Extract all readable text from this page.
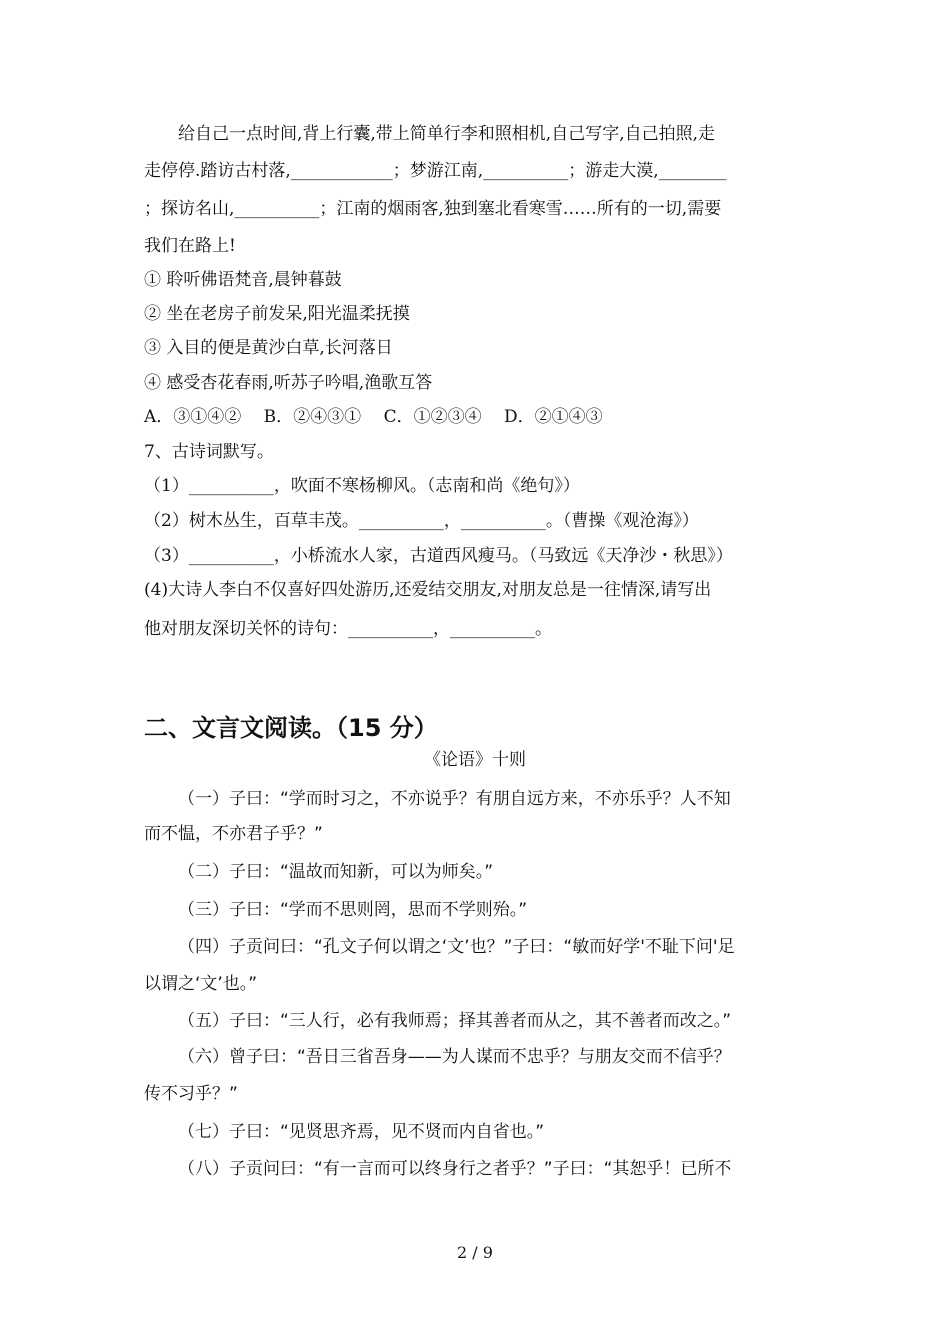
给自己一点时间,背上行囊,带上简单行李和照相机,自己写字,自己拍照,走
走停停.踏访古村落,____________；梦游江南,__________；游走大漠,________
；探访名山,__________；江南的烟雨客,独到塞北看寒雪……所有的一切,需要
我们在路上!
① 聆听佛语梵音,晨钟暮鼓
② 坐在老房子前发呆,阳光温柔抚摸
③ 入目的便是黄沙白草,长河落日
④ 感受杏花春雨,听苏子吟唱,渔歌互答
A．③①④②　 B．②④③①　 C．①②③④　 D．②①④③
7、古诗词默写。
（1）__________，吹面不寒杨柳风。（志南和尚《绝句》）
（2）树木丛生，百草丰茂。__________，__________。（曹操《观沧海》）
（3）__________，小桥流水人家，古道西风瘦马。（马致远《天净沙・秋思》）
(4)大诗人李白不仅喜好四处游历,还爱结交朋友,对朋友总是一往情深,请写出
他对朋友深切关怀的诗句：__________，__________。
二、文言文阅读。（15 分）
《论语》十则
（一）子曰：“学而时习之，不亦说乎？有朋自远方来，不亦乐乎？人不知
而不愠，不亦君子乎？”
（二）子曰：“温故而知新，可以为师矣。”
（三）子曰：“学而不思则罔，思而不学则殆。”
（四）子贡问曰：“孔文子何以谓之‘文’也？”子曰：“敏而好学'不耻下问'足
以谓之‘文’也。”
（五）子曰：“三人行，必有我师焉；择其善者而从之，其不善者而改之。”
（六）曾子曰：“吾日三省吾身——为人谋而不忠乎？与朋友交而不信乎？
传不习乎？”
（七）子曰：“见贤思齐焉，见不贤而内自省也。”
（八）子贡问曰：“有一言而可以终身行之者乎？”子曰：“其恕乎！已所不
2 / 9
